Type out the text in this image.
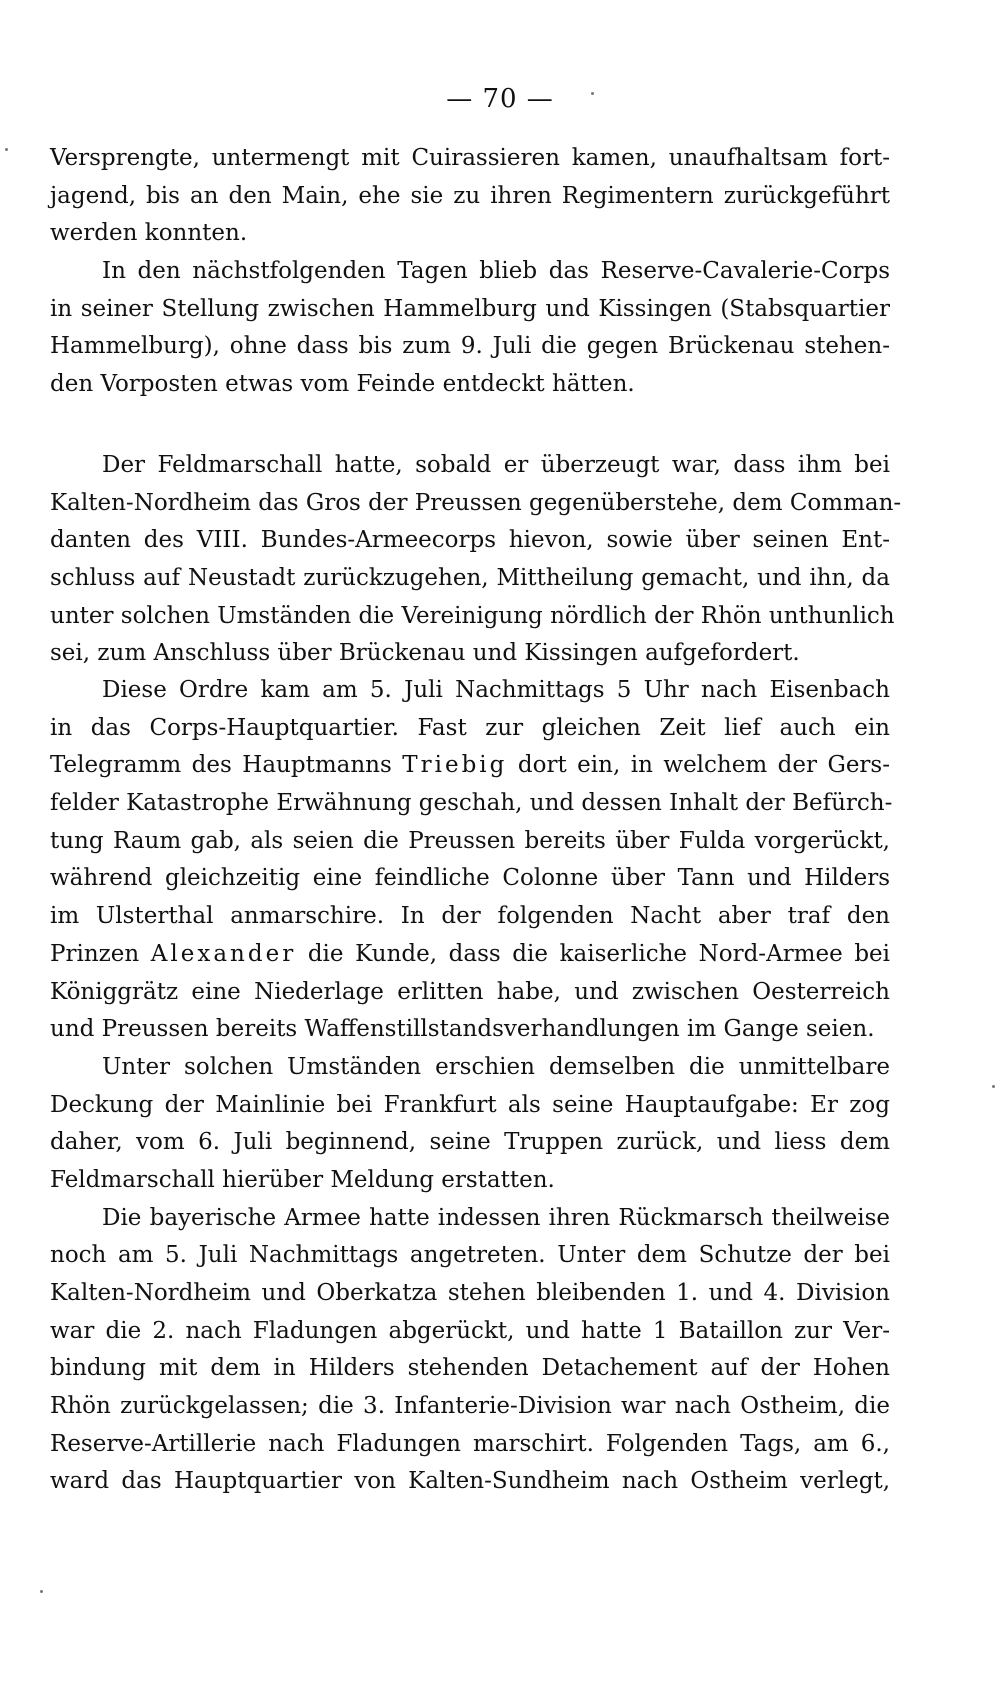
— 70 —
Versprengte, untermengt mit Cuirassieren kamen, unaufhaltsam fort-
jagend, bis an den Main, ehe sie zu ihren Regimentern zurückgeführt
werden konnten.
In den nächstfolgenden Tagen blieb das Reserve-Cavalerie-Corps
in seiner Stellung zwischen Hammelburg und Kissingen (Stabsquartier
Hammelburg), ohne dass bis zum 9. Juli die gegen Brückenau stehen-
den Vorposten etwas vom Feinde entdeckt hätten.
Der Feldmarschall hatte, sobald er überzeugt war, dass ihm bei
Kalten-Nordheim das Gros der Preussen gegenüberstehe, dem Comman-
danten des VIII. Bundes-Armeecorps hievon, sowie über seinen Ent-
schluss auf Neustadt zurückzugehen, Mittheilung gemacht, und ihn, da
unter solchen Umständen die Vereinigung nördlich der Rhön unthunlich
sei, zum Anschluss über Brückenau und Kissingen aufgefordert.
Diese Ordre kam am 5. Juli Nachmittags 5 Uhr nach Eisenbach
in das Corps-Hauptquartier. Fast zur gleichen Zeit lief auch ein
Telegramm des Hauptmanns Triebig dort ein, in welchem der Gers-
felder Katastrophe Erwähnung geschah, und dessen Inhalt der Befürch-
tung Raum gab, als seien die Preussen bereits über Fulda vorgerückt,
während gleichzeitig eine feindliche Colonne über Tann und Hilders
im Ulsterthal anmarschire. In der folgenden Nacht aber traf den
Prinzen Alexander die Kunde, dass die kaiserliche Nord-Armee bei
Königgrätz eine Niederlage erlitten habe, und zwischen Oesterreich
und Preussen bereits Waffenstillstandsverhandlungen im Gange seien.
Unter solchen Umständen erschien demselben die unmittelbare
Deckung der Mainlinie bei Frankfurt als seine Hauptaufgabe: Er zog
daher, vom 6. Juli beginnend, seine Truppen zurück, und liess dem
Feldmarschall hierüber Meldung erstatten.
Die bayerische Armee hatte indessen ihren Rückmarsch theilweise
noch am 5. Juli Nachmittags angetreten. Unter dem Schutze der bei
Kalten-Nordheim und Oberkatza stehen bleibenden 1. und 4. Division
war die 2. nach Fladungen abgerückt, und hatte 1 Bataillon zur Ver-
bindung mit dem in Hilders stehenden Detachement auf der Hohen
Rhön zurückgelassen; die 3. Infanterie-Division war nach Ostheim, die
Reserve-Artillerie nach Fladungen marschirt. Folgenden Tags, am 6.,
ward das Hauptquartier von Kalten-Sundheim nach Ostheim verlegt,
